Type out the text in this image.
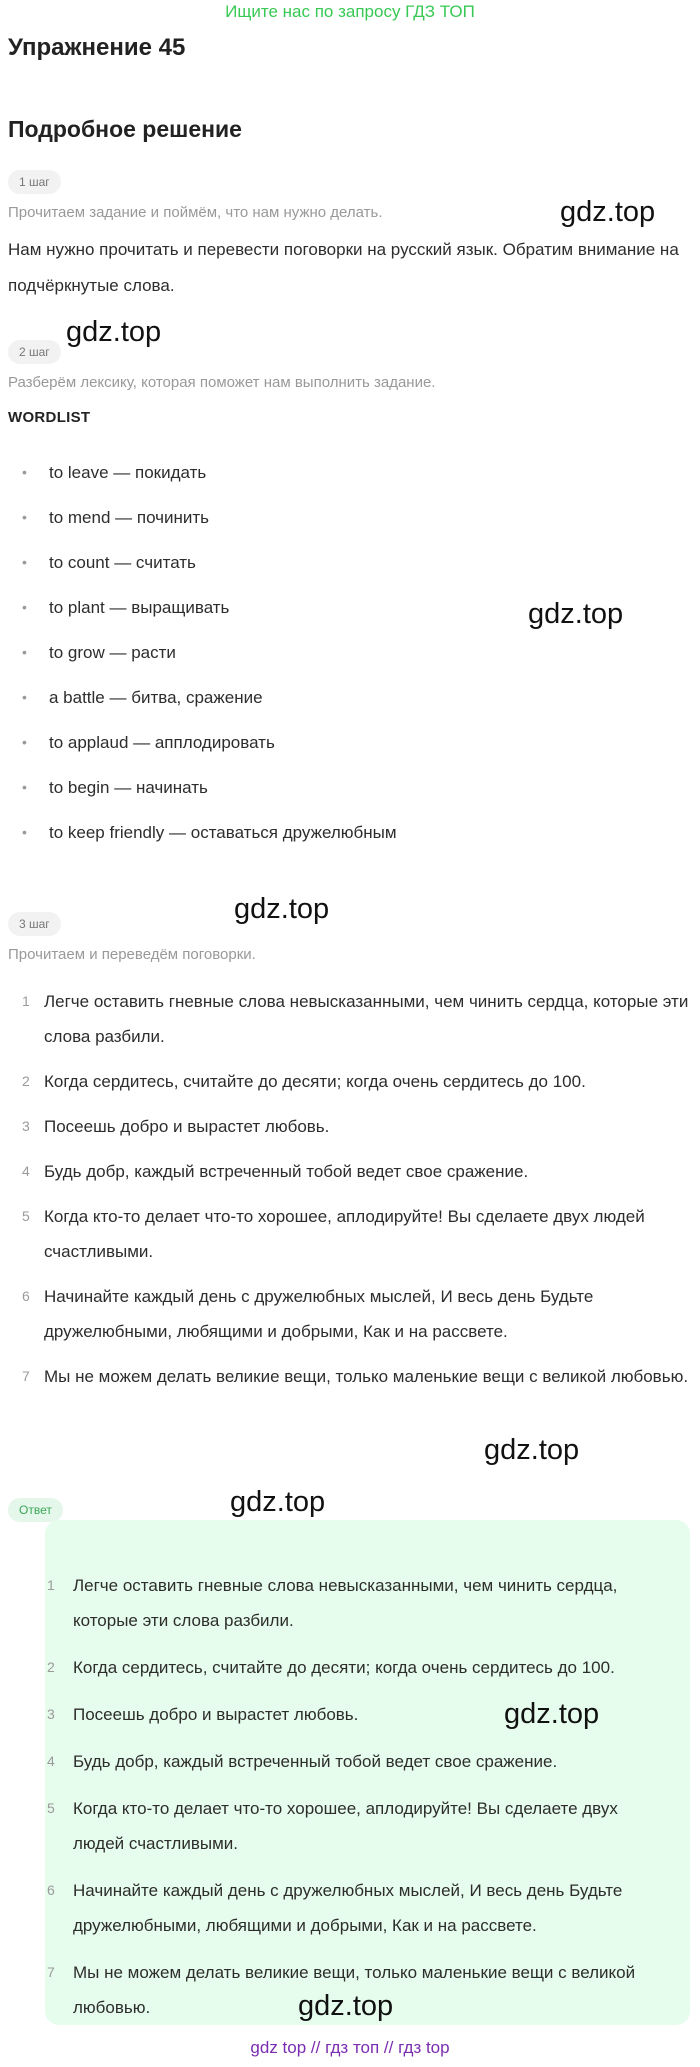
Ищите нас по запросу ГДЗ ТОП
Упражнение 45
Подробное решение
1 шаг
Прочитаем задание и поймём, что нам нужно делать.
Нам нужно прочитать и перевести поговорки на русский язык. Обратим внимание на подчёркнутые слова.
2 шаг
Разберём лексику, которая поможет нам выполнить задание.
WORDLIST
• to leave — покидать
• to mend — починить
• to count — считать
• to plant — выращивать
• to grow — расти
• a battle — битва, сражение
• to applaud — апплодировать
• to begin — начинать
• to keep friendly — оставаться дружелюбным
3 шаг
Прочитаем и переведём поговорки.
1 Легче оставить гневные слова невысказанными, чем чинить сердца, которые эти слова разбили.
2 Когда сердитесь, считайте до десяти; когда очень сердитесь до 100.
3 Посеешь добро и вырастет любовь.
4 Будь добр, каждый встреченный тобой ведет свое сражение.
5 Когда кто-то делает что-то хорошее, аплодируйте! Вы сделаете двух людей счастливыми.
6 Начинайте каждый день с дружелюбных мыслей, И весь день Будьте дружелюбными, любящими и добрыми, Как и на рассвете.
7 Мы не можем делать великие вещи, только маленькие вещи с великой любовью.
Ответ
1 Легче оставить гневные слова невысказанными, чем чинить сердца, которые эти слова разбили.
2 Когда сердитесь, считайте до десяти; когда очень сердитесь до 100.
3 Посеешь добро и вырастет любовь.
4 Будь добр, каждый встреченный тобой ведет свое сражение.
5 Когда кто-то делает что-то хорошее, аплодируйте! Вы сделаете двух людей счастливыми.
6 Начинайте каждый день с дружелюбных мыслей, И весь день Будьте дружелюбными, любящими и добрыми, Как и на рассвете.
7 Мы не можем делать великие вещи, только маленькие вещи с великой любовью.
gdz.top
gdz.top
gdz.top
gdz.top
gdz.top
gdz.top
gdz.top
gdz.top
gdz top // гдз топ // гдз top
